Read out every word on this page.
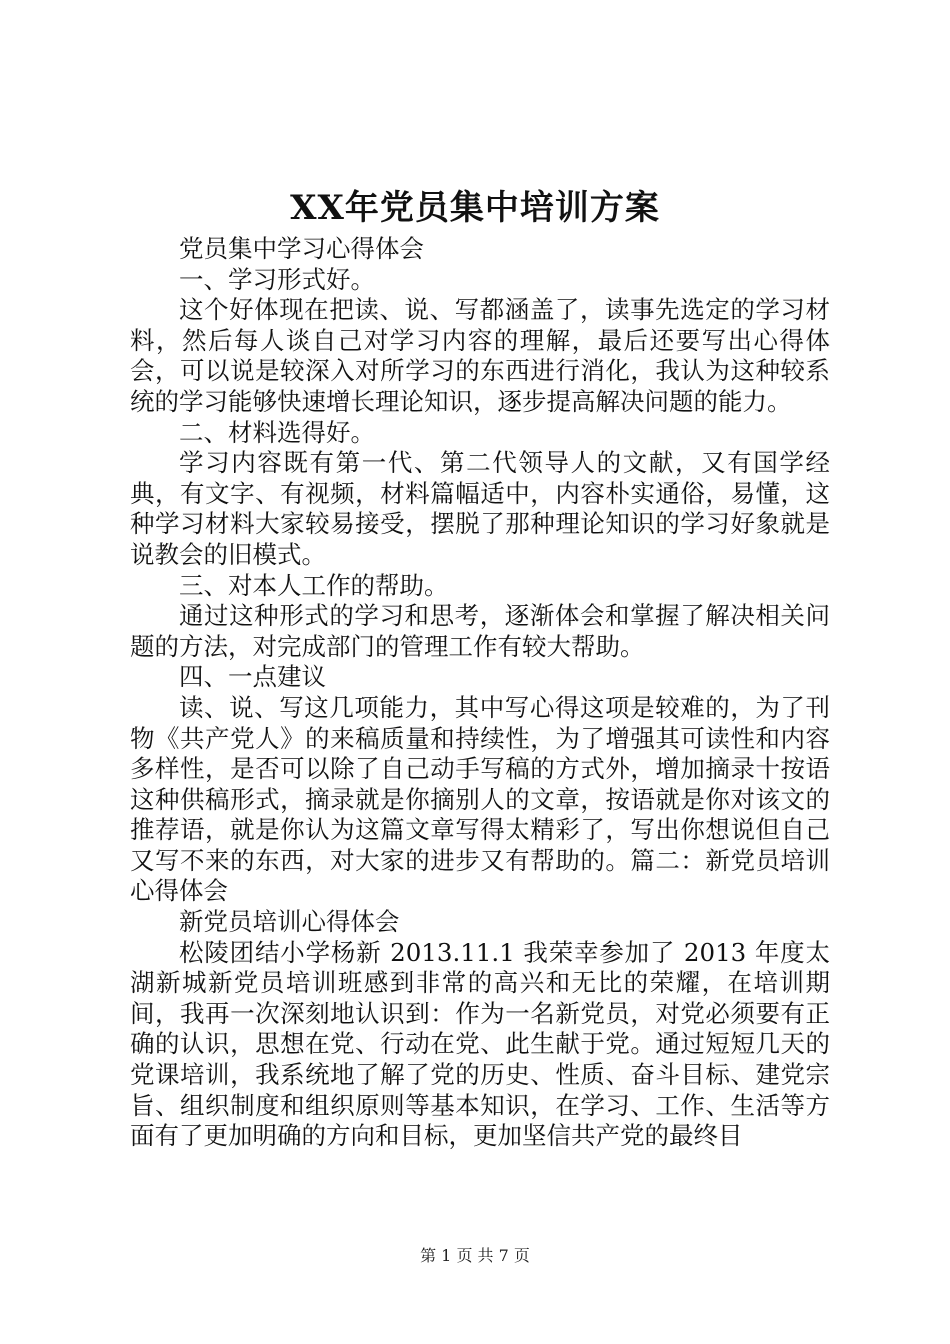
XX年党员集中培训方案

党员集中学习心得体会

一、学习形式好。

这个好体现在把读、说、写都涵盖了，读事先选定的学习材料，然后每人谈自己对学习内容的理解，最后还要写出心得体会，可以说是较深入对所学习的东西进行消化，我认为这种较系统的学习能够快速增长理论知识，逐步提高解决问题的能力。

二、材料选得好。

学习内容既有第一代、第二代领导人的文献，又有国学经典，有文字、有视频，材料篇幅适中，内容朴实通俗，易懂，这种学习材料大家较易接受，摆脱了那种理论知识的学习好象就是说教会的旧模式。

三、对本人工作的帮助。

通过这种形式的学习和思考，逐渐体会和掌握了解决相关问题的方法，对完成部门的管理工作有较大帮助。

四、一点建议

读、说、写这几项能力，其中写心得这项是较难的，为了刊物《共产党人》的来稿质量和持续性，为了增强其可读性和内容多样性，是否可以除了自己动手写稿的方式外，增加摘录十按语这种供稿形式，摘录就是你摘别人的文章，按语就是你对该文的推荐语，就是你认为这篇文章写得太精彩了，写出你想说但自己又写不来的东西，对大家的进步又有帮助的。篇二：新党员培训心得体会

新党员培训心得体会

松陵团结小学杨新 2013.11.1 我荣幸参加了 2013 年度太湖新城新党员培训班感到非常的高兴和无比的荣耀，在培训期间，我再一次深刻地认识到：作为一名新党员，对党必须要有正确的认识，思想在党、行动在党、此生献于党。通过短短几天的党课培训，我系统地了解了党的历史、性质、奋斗目标、建党宗旨、组织制度和组织原则等基本知识，在学习、工作、生活等方面有了更加明确的方向和目标，更加坚信共产党的最终目

第 1 页 共 7 页
